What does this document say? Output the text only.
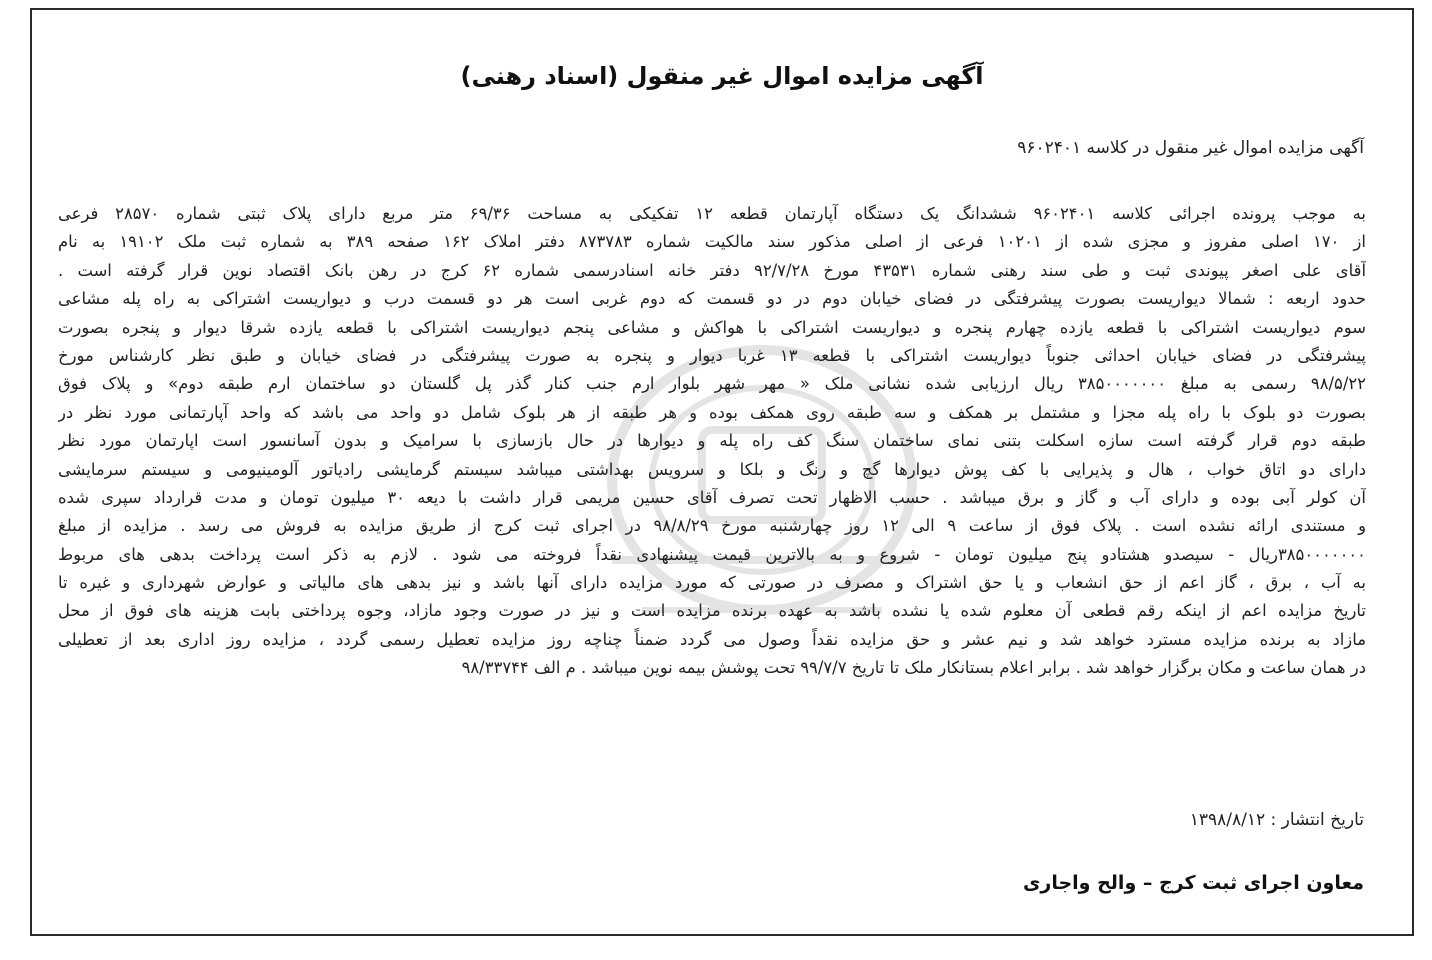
آگهی مزایده اموال غیر منقول (اسناد رهنی)
آگهی مزایده اموال غیر منقول در کلاسه ۹۶۰۲۴۰۱
به موجب پرونده اجرائی کلاسه ۹۶۰۲۴۰۱ ششدانگ یک دستگاه آپارتمان قطعه ۱۲ تفکیکی به مساحت ۶۹/۳۶ متر مربع دارای پلاک ثبتی شماره ۲۸۵۷۰ فرعی
از ۱۷۰ اصلی مفروز و مجزی شده از ۱۰۲۰۱ فرعی از اصلی مذکور سند مالکیت شماره ۸۷۳۷۸۳ دفتر املاک ۱۶۲ صفحه ۳۸۹ به شماره ثبت ملک ۱۹۱۰۲ به نام
آقای علی اصغر پیوندی ثبت و طی سند رهنی شماره ۴۳۵۳۱ مورخ ۹۲/۷/۲۸ دفتر خانه اسنادرسمی شماره ۶۲ کرج در رهن بانک اقتصاد نوین قرار گرفته است .
حدود اربعه : شمالا دیواریست بصورت پیشرفتگی در فضای خیابان دوم در دو قسمت که دوم غربی است هر دو قسمت درب و دیواریست اشتراکی به راه پله مشاعی
سوم دیواریست اشتراکی با قطعه یازده چهارم پنجره و دیواریست اشتراکی با هواکش و مشاعی پنجم دیواریست اشتراکی با قطعه یازده شرقا دیوار و پنجره بصورت
پیشرفتگی در فضای خیابان احداثی جنوباً دیواریست اشتراکی با قطعه ۱۳ غربا دیوار و پنجره به صورت پیشرفتگی در فضای خیابان و طبق نظر کارشناس مورخ
۹۸/۵/۲۲ رسمی به مبلغ ۳۸۵۰۰۰۰۰۰۰ ریال ارزیابی شده نشانی ملک « مهر شهر بلوار ارم جنب کنار گذر پل گلستان دو ساختمان ارم طبقه دوم» و پلاک فوق
بصورت دو بلوک با راه پله مجزا و مشتمل بر همکف و سه طبقه روی همکف بوده و هر طبقه از هر بلوک شامل دو واحد می باشد که واحد آپارتمانی مورد نظر در
طبقه دوم قرار گرفته است سازه اسکلت بتنی نمای ساختمان سنگ کف راه پله و دیوارها در حال بازسازی با سرامیک و بدون آسانسور است اپارتمان مورد نظر
دارای دو اتاق خواب ، هال و پذیرایی با کف پوش دیوارها گچ و رنگ و بلکا و سرویس بهداشتی میباشد سیستم گرمایشی رادیاتور آلومینیومی و سیستم سرمایشی
آن کولر آبی بوده و دارای آب و گاز و برق میباشد . حسب الاظهار تحت تصرف آقای حسین مریمی قرار داشت با دیعه ۳۰ میلیون تومان و مدت قرارداد سپری شده
و مستندی ارائه نشده است . پلاک فوق از ساعت ۹ الی ۱۲ روز چهارشنبه مورخ ۹۸/۸/۲۹ در اجرای ثبت کرج از طریق مزایده به فروش می رسد . مزایده از مبلغ
۳۸۵۰۰۰۰۰۰۰ریال - سیصدو هشتادو پنج میلیون تومان - شروع و به بالاترین قیمت پیشنهادی نقداً فروخته می شود . لازم به ذکر است پرداخت بدهی های مربوط
به آب ، برق ، گاز اعم از حق انشعاب و یا حق اشتراک و مصرف در صورتی که مورد مزایده دارای آنها باشد و نیز بدهی های مالیاتی و عوارض شهرداری و غیره تا
تاریخ مزایده اعم از اینکه رقم قطعی آن معلوم شده یا نشده باشد به عهده برنده مزایده است و نیز در صورت وجود مازاد، وجوه پرداختی بابت هزینه های فوق از محل
مازاد به برنده مزایده مسترد خواهد شد و نیم عشر و حق مزایده نقداً وصول می گردد ضمناً چناچه روز مزایده تعطیل رسمی گردد ، مزایده روز اداری بعد از تعطیلی
در همان ساعت و مکان برگزار خواهد شد . برابر اعلام بستانکار ملک تا تاریخ ۹۹/۷/۷ تحت پوشش بیمه نوین میباشد . م الف ۹۸/۳۳۷۴۴
تاریخ انتشار : ۱۳۹۸/۸/۱۲
معاون اجرای ثبت کرج – والح واجاری
